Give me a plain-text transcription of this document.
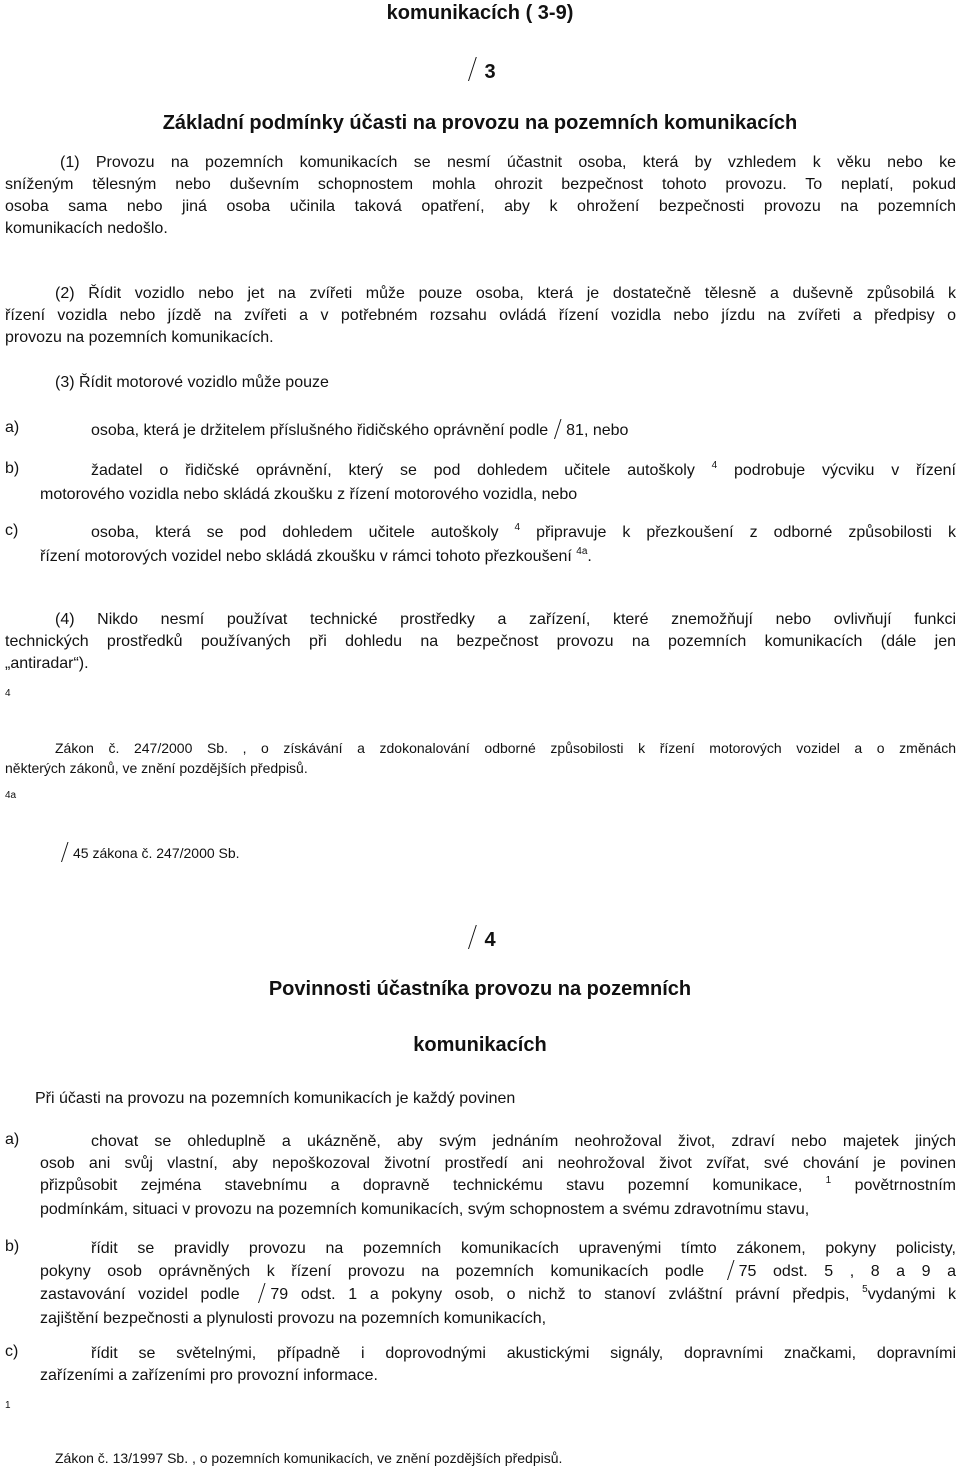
komunikacích ( 3-9)
3
Základní podmínky účasti na provozu na pozemních komunikacích
(1) Provozu na pozemních komunikacích se nesmí účastnit osoba, která by vzhledem k věku nebo ke
sníženým tělesným nebo duševním schopnostem mohla ohrozit bezpečnost tohoto provozu. To neplatí, pokud
osoba sama nebo jiná osoba učinila taková opatření, aby k ohrožení bezpečnosti provozu na pozemních
komunikacích nedošlo.
(2) Řídit vozidlo nebo jet na zvířeti může pouze osoba, která je dostatečně tělesně a duševně způsobilá k
řízení vozidla nebo jízdě na zvířeti a v potřebném rozsahu ovládá řízení vozidla nebo jízdu na zvířeti a předpisy o
provozu na pozemních komunikacích.
(3) Řídit motorové vozidlo může pouze
a)	osoba, která je držitelem příslušného řidičského oprávnění podle 81, nebo
b)	žadatel o řidičské oprávnění, který se pod dohledem učitele autoškoly $^4$ podrobuje výcviku v řízení
motorového vozidla nebo skládá zkoušku z řízení motorového vozidla, nebo
c)	osoba, která se pod dohledem učitele autoškoly $^4$ připravuje k přezkoušení z odborné způsobilosti k
řízení motorových vozidel nebo skládá zkoušku v rámci tohoto přezkoušení $^{4a}$.
(4) Nikdo nesmí používat technické prostředky a zařízení, které znemožňují nebo ovlivňují funkci
technických prostředků používaných při dohledu na bezpečnost provozu na pozemních komunikacích (dále jen
„antiradar“).
4
Zákon č. 247/2000 Sb. , o získávání a zdokonalování odborné způsobilosti k řízení motorových vozidel a o změnách
některých zákonů, ve znění pozdějších předpisů.
4a
45 zákona č. 247/2000 Sb.
4
Povinnosti účastníka provozu na pozemních
komunikacích
Při účasti na provozu na pozemních komunikacích je každý povinen
a)	chovat se ohleduplně a ukázněně, aby svým jednáním neohrožoval život, zdraví nebo majetek jiných
osob ani svůj vlastní, aby nepoškozoval životní prostředí ani neohrožoval život zvířat, své chování je povinen
přizpůsobit zejména stavebnímu a dopravně technickému stavu pozemní komunikace, $^1$ povětrnostním
podmínkám, situaci v provozu na pozemních komunikacích, svým schopnostem a svému zdravotnímu stavu,
b)	řídit se pravidly provozu na pozemních komunikacích upravenými tímto zákonem, pokyny policisty,
pokyny osob oprávněných k řízení provozu na pozemních komunikacích podle 75 odst. 5 , 8 a 9 a
zastavování vozidel podle 79 odst. 1 a pokyny osob, o nichž to stanoví zvláštní právní předpis, $^5$vydanými k
zajištění bezpečnosti a plynulosti provozu na pozemních komunikacích,
c)	řídit se světelnými, případně i doprovodnými akustickými signály, dopravními značkami, dopravními
zařízeními a zařízeními pro provozní informace.
1
Zákon č. 13/1997 Sb. , o pozemních komunikacích, ve znění pozdějších předpisů.
